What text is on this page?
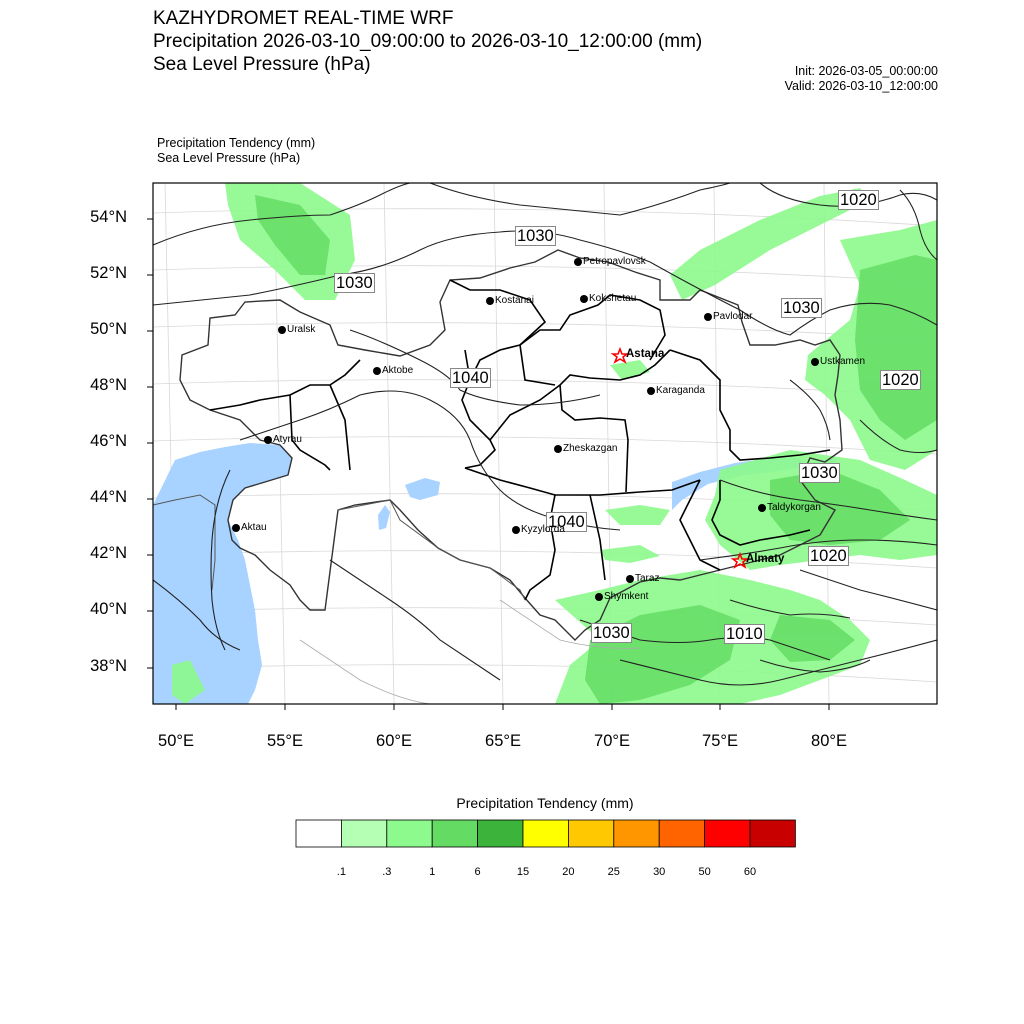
KAZHYDROMET REAL-TIME WRF
Precipitation 2026-03-10_09:00:00 to 2026-03-10_12:00:00 (mm)
Sea Level Pressure (hPa)	Init: 2026-03-05_00:00:00
Valid: 2026-03-10_12:00:00
Precipitation Tendency (mm)
Sea Level Pressure (hPa)
54°N
52°N
50°N
48°N
46°N
44°N
42°N
40°N
38°N
50°E	55°E	60°E	65°E	70°E	75°E	80°E
1020
1030
1030
1030
1040	1020
1030
1040
1020
1030	1010
Petropavlovsk
Kostanai	Kokshetau
Pavlodar
Uralsk
Astana
Ustkamen
Aktobe
Karaganda
Atyrau
Zheskazgan
Kyzylorda
Taldykorgan
Aktau
Almaty
Taraz
Shymkent
Precipitation Tendency (mm)
.1	.3	1	6	15	20	25	30	50	60
